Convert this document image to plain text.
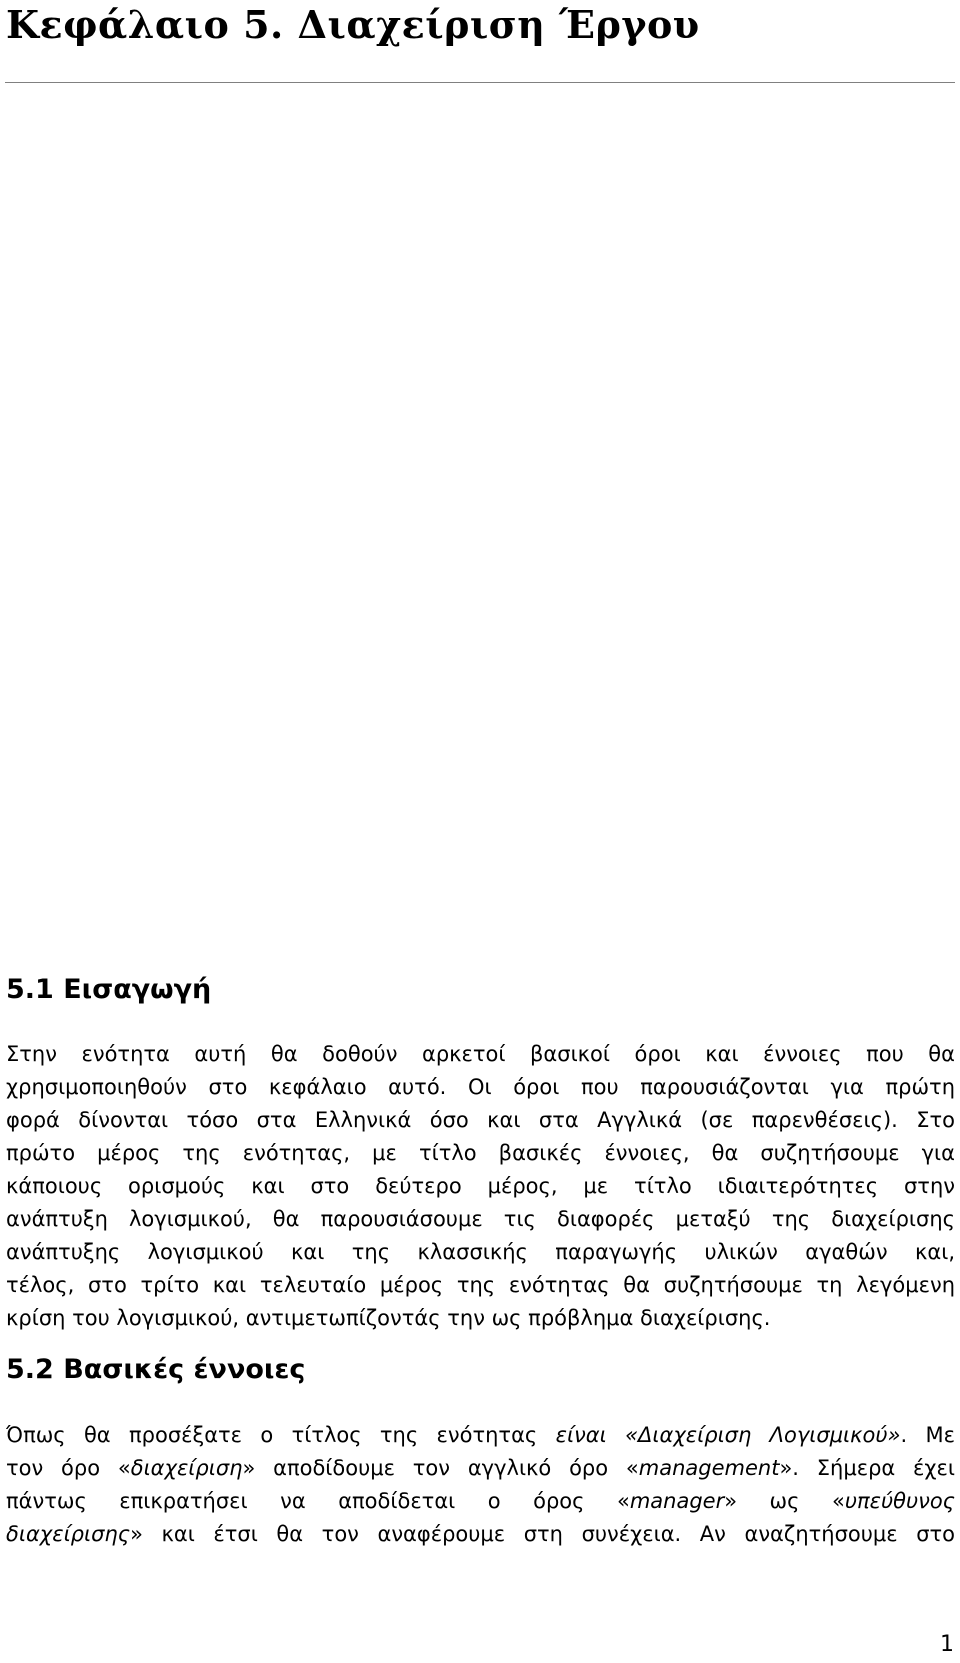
Κεφάλαιο 5. Διαχείριση Έργου
5.1 Εισαγωγή

Στην ενότητα αυτή θα δοθούν αρκετοί βασικοί όροι και έννοιες που θα
χρησιμοποιηθούν στο κεφάλαιο αυτό. Οι όροι που παρουσιάζονται για πρώτη
φορά δίνονται τόσο στα Ελληνικά όσο και στα Αγγλικά (σε παρενθέσεις). Στο
πρώτο μέρος της ενότητας, με τίτλο βασικές έννοιες, θα συζητήσουμε για
κάποιους ορισμούς και στο δεύτερο μέρος, με τίτλο ιδιαιτερότητες στην
ανάπτυξη λογισμικού, θα παρουσιάσουμε τις διαφορές μεταξύ της διαχείρισης
ανάπτυξης λογισμικού και της κλασσικής παραγωγής υλικών αγαθών και,
τέλος, στο τρίτο και τελευταίο μέρος της ενότητας θα συζητήσουμε τη λεγόμενη
κρίση του λογισμικού, αντιμετωπίζοντάς την ως πρόβλημα διαχείρισης.

5.2 Βασικές έννοιες

Όπως θα προσέξατε ο τίτλος της ενότητας είναι «Διαχείριση Λογισμικού». Με
τον όρο «διαχείριση» αποδίδουμε τον αγγλικό όρο «management». Σήμερα έχει
πάντως επικρατήσει να αποδίδεται ο όρος «manager» ως «υπεύθυνος
διαχείρισης» και έτσι θα τον αναφέρουμε στη συνέχεια. Αν αναζητήσουμε στο

1
